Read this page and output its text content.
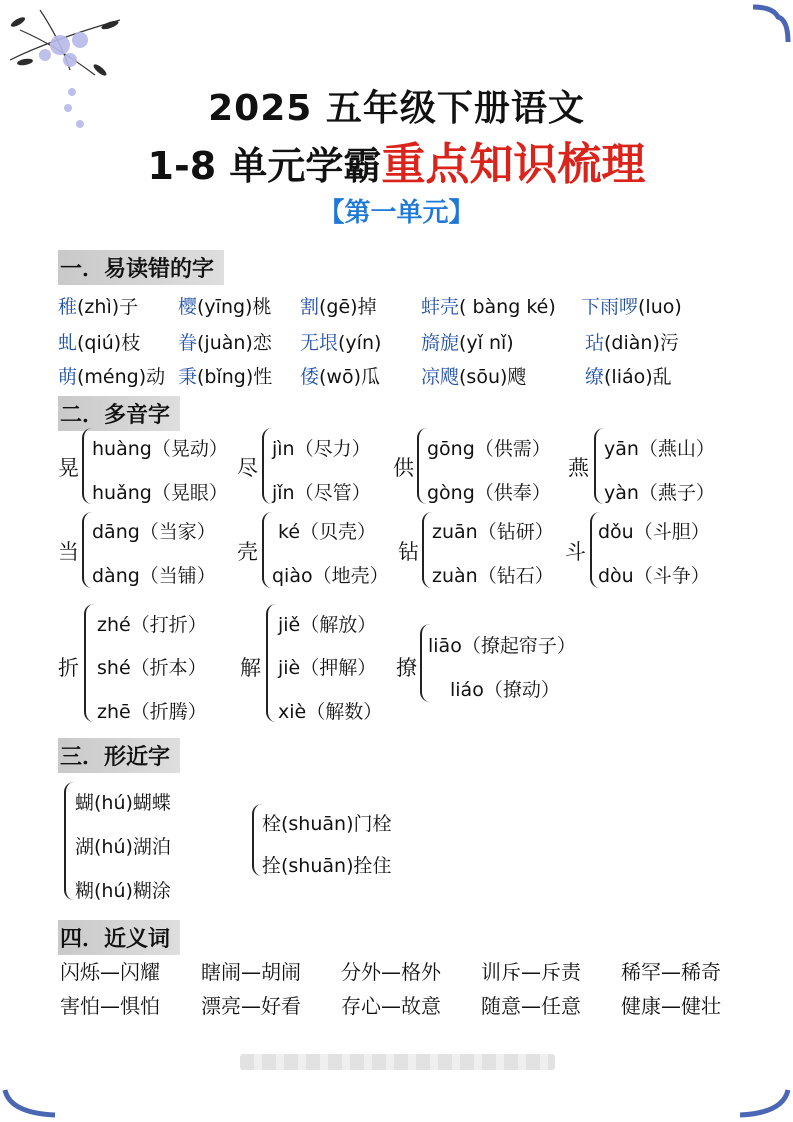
2025 五年级下册语文
1-8 单元学霸重点知识梳理
【第一单元】
一．易读错的字
稚(zhì)子 樱(yīng)桃 割(gē)掉 蚌壳( bàng ké) 下雨啰(luo)
虬(qiú)枝 眷(juàn)恋 无垠(yín) 旖旎(yǐ nǐ)	玷(diàn)污
萌(méng)动 秉(bǐng)性 倭(wō)瓜 凉飕(sōu)飕	缭(liáo)乱
二．多音字
晃
huàng（晃动）
huǎng（晃眼）
尽
jìn（尽力）
jǐn（尽管）
供
gōng（供需）
gòng（供奉）
燕
yān（燕山）
yàn（燕子）
当
dāng（当家）
dàng（当铺）
壳
ké（贝壳）
qiào（地壳）
钻
zuān（钻研）
zuàn（钻石）
斗
dǒu（斗胆）
dòu（斗争）
折
zhé（打折）
shé（折本）
zhē（折腾）
解
jiě（解放）
jiè（押解）
xiè（解数）
撩
liāo（撩起帘子）
liáo（撩动）
三．形近字
蝴(hú)蝴蝶
湖(hú)湖泊
糊(hú)糊涂
栓(shuān)门栓
拴(shuān)拴住
四．近义词
闪烁—闪耀 瞎闹—胡闹 分外—格外 训斥—斥责 稀罕—稀奇
害怕—惧怕 漂亮—好看 存心—故意 随意—任意 健康—健壮
